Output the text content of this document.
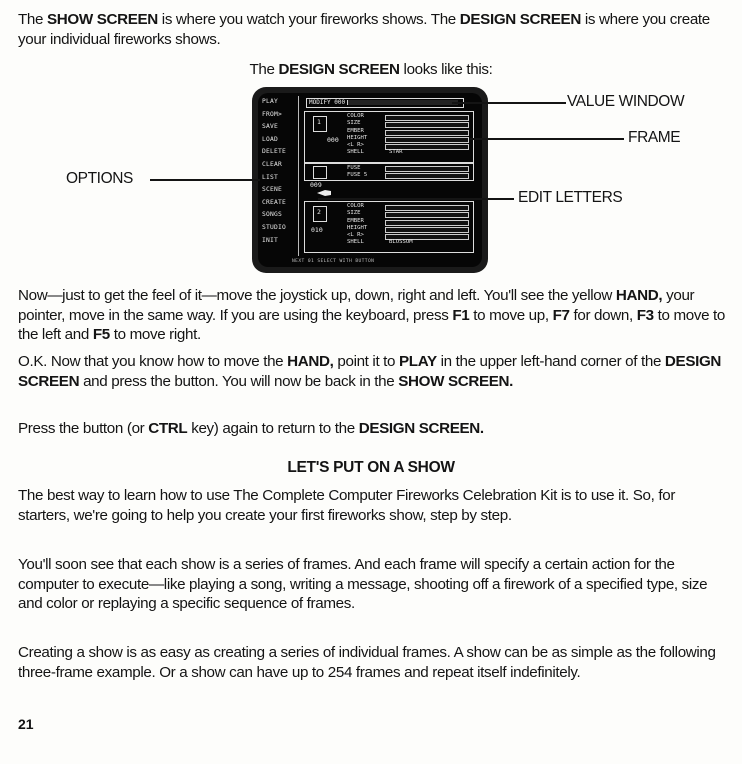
The SHOW SCREEN is where you watch your fireworks shows. The DESIGN SCREEN is where you create your individual fireworks shows.
The DESIGN SCREEN looks like this:
PLAY
FROM>
SAVE
LOAD
DELETE
CLEAR
LIST
SCENE
CREATE
SONGS
STUDIO
INIT
MODIFY 000
1
000
COLOR
SIZE
EMBER
HEIGHT
<L R>
SHELL	STAR
FUSE
FUSE 5
009
2
010
COLOR
SIZE
EMBER
HEIGHT
<L R>
SHELL	BLOSSOM
NEXT 01 SELECT WITH BUTTON
VALUE WINDOW
FRAME
OPTIONS
EDIT LETTERS
Now—just to get the feel of it—move the joystick up, down, right and left. You'll see the yellow HAND, your pointer, move in the same way. If you are using the keyboard, press F1 to move up, F7 for down, F3 to move to the left and F5 to move right.
O.K. Now that you know how to move the HAND, point it to PLAY in the upper left-hand corner of the DESIGN SCREEN and press the button. You will now be back in the SHOW SCREEN.
Press the button (or CTRL key) again to return to the DESIGN SCREEN.
LET'S PUT ON A SHOW
The best way to learn how to use The Complete Computer Fireworks Celebration Kit is to use it. So, for starters, we're going to help you create your first fireworks show, step by step.
You'll soon see that each show is a series of frames. And each frame will specify a certain action for the computer to execute—like playing a song, writing a message, shooting off a firework of a specified type, size and color or replaying a specific sequence of frames.
Creating a show is as easy as creating a series of individual frames. A show can be as simple as the following three-frame example. Or a show can have up to 254 frames and repeat itself indefinitely.
21
